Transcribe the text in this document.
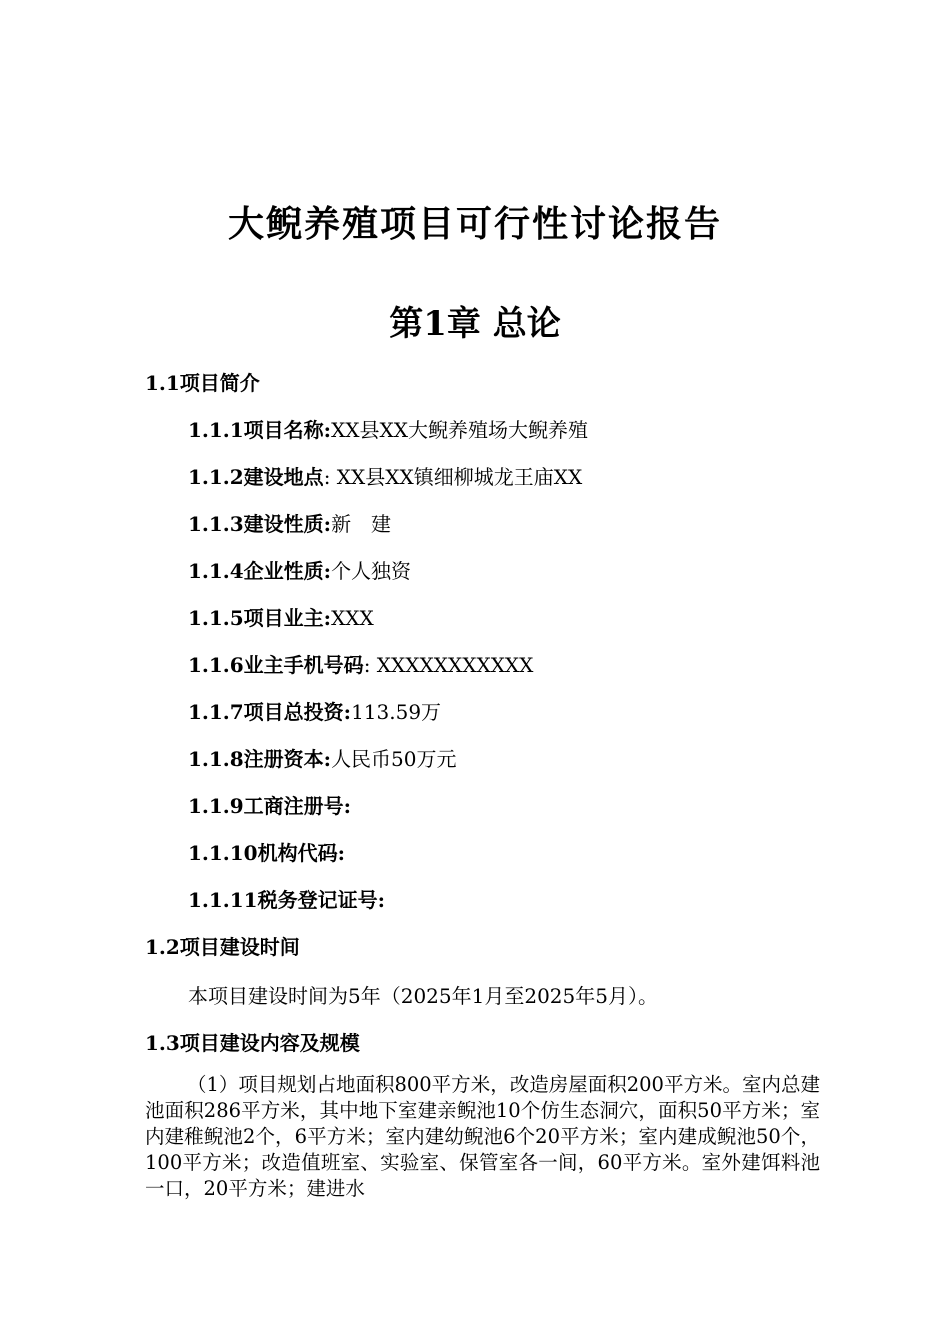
大鲵养殖项目可行性讨论报告
第1章 总论
1.1项目简介
1.1.1项目名称:XX县XX大鲵养殖场大鲵养殖
1.1.2建设地点: XX县XX镇细柳城龙王庙XX
1.1.3建设性质:新　建
1.1.4企业性质:个人独资
1.1.5项目业主:XXX
1.1.6业主手机号码: XXXXXXXXXXX
1.1.7项目总投资:113.59万
1.1.8注册资本:人民币50万元
1.1.9工商注册号:
1.1.10机构代码:
1.1.11税务登记证号:
1.2项目建设时间
本项目建设时间为5年（2025年1月至2025年5月）。
1.3项目建设内容及规模
（1）项目规划占地面积800平方米，改造房屋面积200平方米。室内总建池面积286平方米，其中地下室建亲鲵池10个仿生态洞穴，面积50平方米；室内建稚鲵池2个，6平方米；室内建幼鲵池6个20平方米；室内建成鲵池50个，100平方米；改造值班室、实验室、保管室各一间，60平方米。室外建饵料池一口，20平方米；建进水
